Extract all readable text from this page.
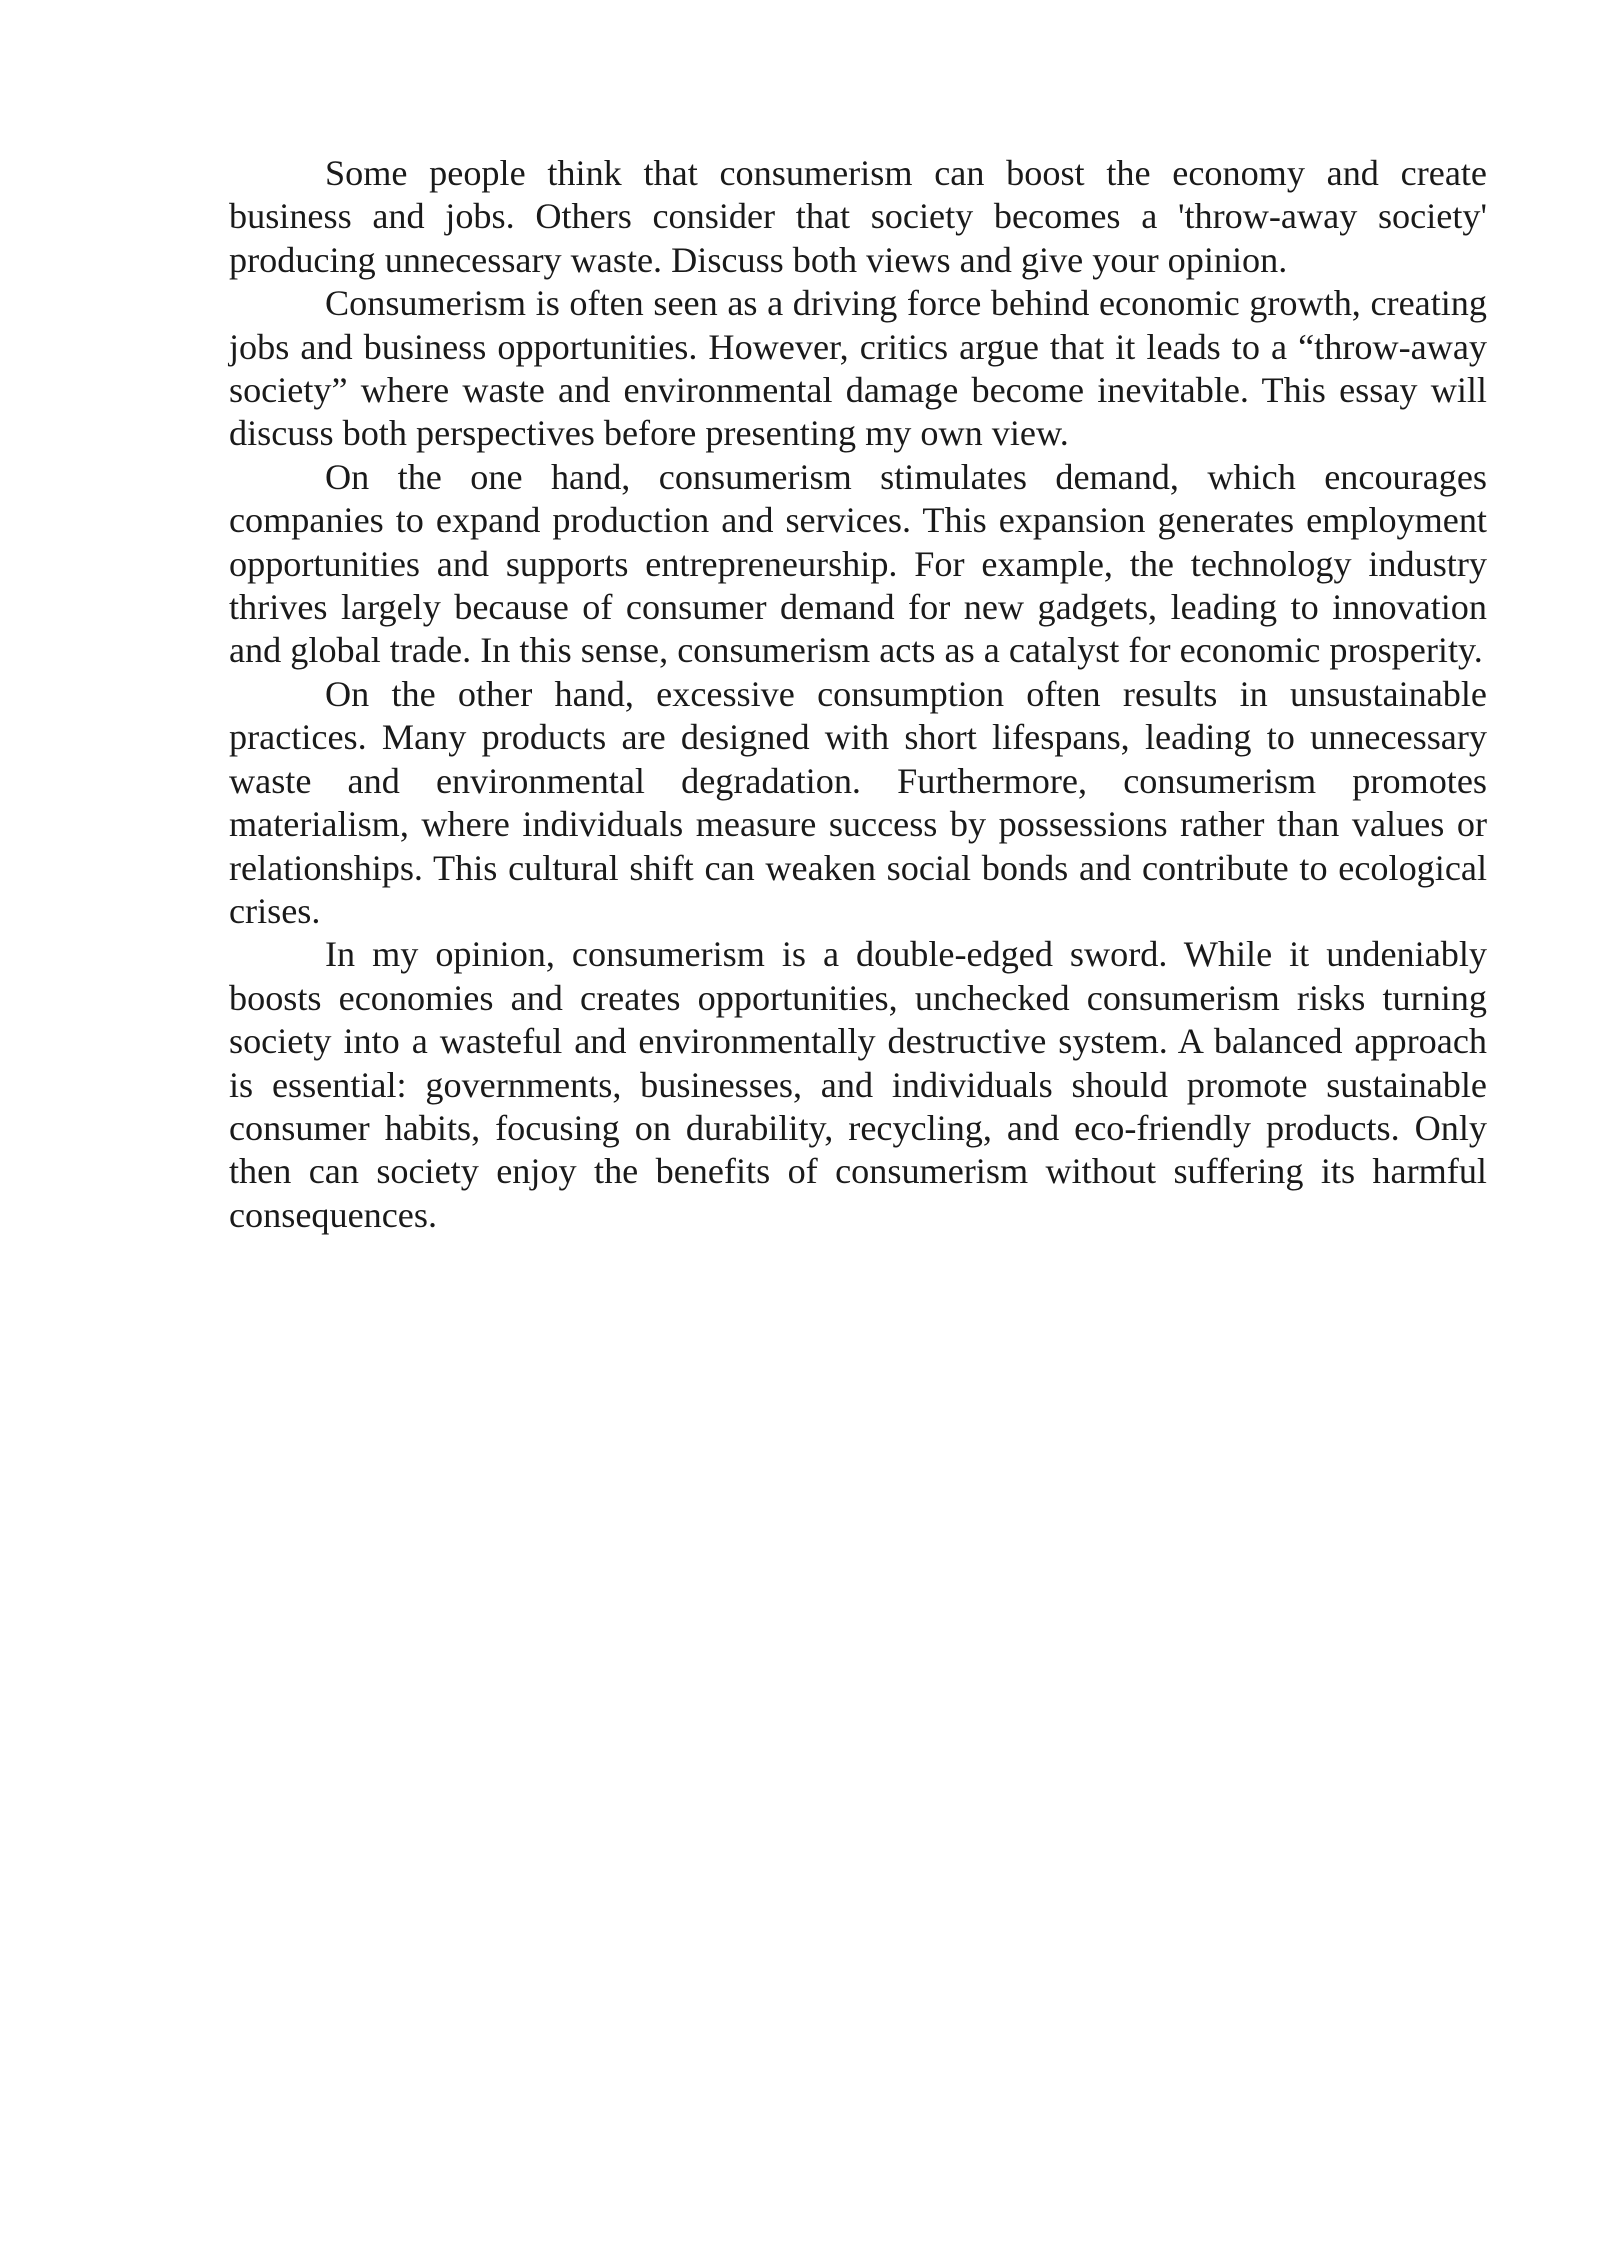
Some people think that consumerism can boost the economy and create business and jobs. Others consider that society becomes a 'throw-away society' producing unnecessary waste. Discuss both views and give your opinion.

Consumerism is often seen as a driving force behind economic growth, creating jobs and business opportunities. However, critics argue that it leads to a “throw-away society” where waste and environmental damage become inevitable. This essay will discuss both perspectives before presenting my own view.

On the one hand, consumerism stimulates demand, which encourages companies to expand production and services. This expansion generates employment opportunities and supports entrepreneurship. For example, the technology industry thrives largely because of consumer demand for new gadgets, leading to innovation and global trade. In this sense, consumerism acts as a catalyst for economic prosperity.

On the other hand, excessive consumption often results in unsustainable practices. Many products are designed with short lifespans, leading to unnecessary waste and environmental degradation. Furthermore, consumerism promotes materialism, where individuals measure success by possessions rather than values or relationships. This cultural shift can weaken social bonds and contribute to ecological crises.

In my opinion, consumerism is a double-edged sword. While it undeniably boosts economies and creates opportunities, unchecked consumerism risks turning society into a wasteful and environmentally destructive system. A balanced approach is essential: governments, businesses, and individuals should promote sustainable consumer habits, focusing on durability, recycling, and eco-friendly products. Only then can society enjoy the benefits of consumerism without suffering its harmful consequences.
